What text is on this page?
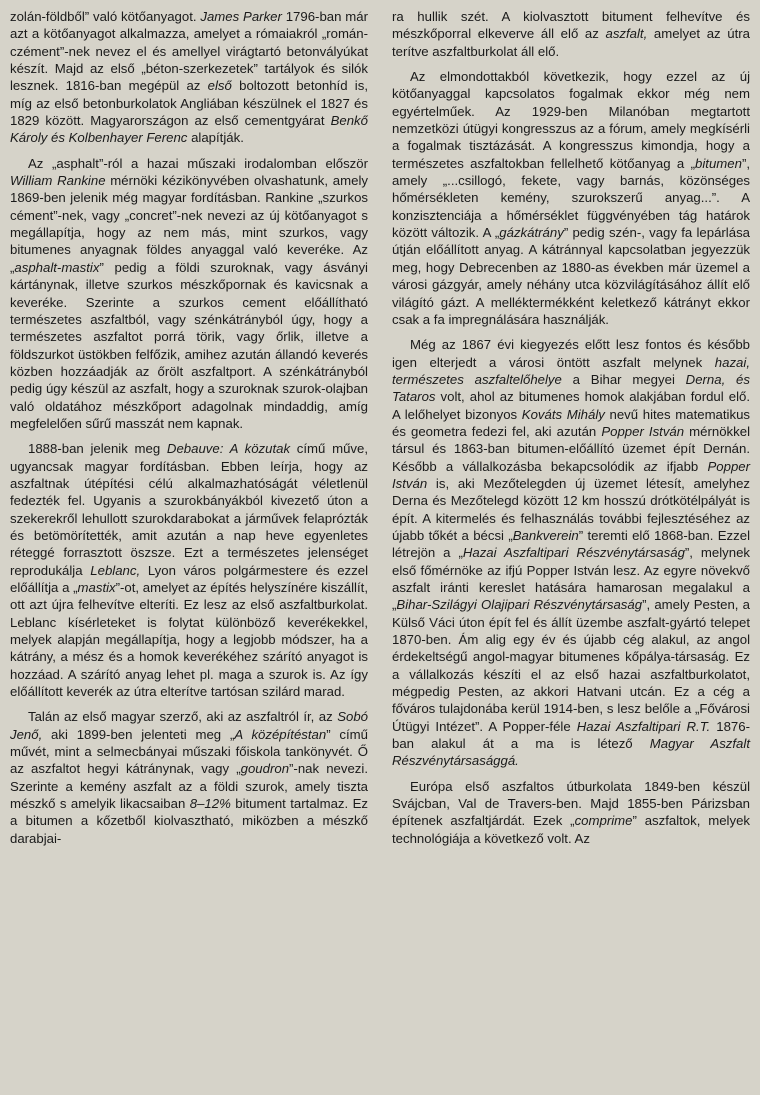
zolán-földből” való kötőanyagot. James Parker 1796-ban már azt a kötőanyagot alkalmazza, amelyet a rómaiakról „román-czément”-nek nevez el és amellyel virágtartó betonvályúkat készít. Majd az első „béton-szerkezetek” tartályok és silók lesznek. 1816-ban megépül az első boltozott betonhíd is, míg az első betonburkolatok Angliában készülnek el 1827 és 1829 között. Magyarországon az első cementgyárat Benkő Károly és Kolbenhayer Ferenc alapítják.

Az „asphalt”-ról a hazai műszaki irodalomban először William Rankine mérnöki kézikönyvében olvashatunk, amely 1869-ben jelenik még magyar fordításban. Rankine „szurkos cément”-nek, vagy „concret”-nek nevezi az új kötőanyagot s megállapítja, hogy az nem más, mint szurkos, vagy bitumenes anyagnak földes anyaggal való keveréke. Az „asphalt-mastix” pedig a földi szuroknak, vagy ásványi kártánynak, illetve szurkos mészkőpornak és kavicsnak a keveréke. Szerinte a szurkos cement előállítható természetes aszfaltból, vagy szénkátrányból úgy, hogy a természetes aszfaltot porrá törik, vagy őrlik, illetve a földszurkot üstökben felfőzik, amihez azután állandó keverés közben hozzáadják az őrölt aszfaltport. A szénkátrányból pedig úgy készül az aszfalt, hogy a szuroknak szurok-olajban való oldatához mészkőport adagolnak mindaddig, amíg megfelelően sűrű masszát nem kapnak.

1888-ban jelenik meg Debauve: A közutak című műve, ugyancsak magyar fordításban. Ebben leírja, hogy az aszfaltnak útépítési célú alkalmazhatóságát véletlenül fedezték fel. Ugyanis a szurokbányákból kivezető úton a szekerekről lehullott szurokdarabokat a járművek felaprózták és betömörítették, amit azután a nap heve egyenletes réteggé forrasztott öszsze. Ezt a természetes jelenséget reprodukálja Leblanc, Lyon város polgármestere és ezzel előállítja a „mastix”-ot, amelyet az építés helyszínére kiszállít, ott azt újra felhevítve elteríti. Ez lesz az első aszfaltburkolat. Leblanc kísérleteket is folytat különböző keverékekkel, melyek alapján megállapítja, hogy a legjobb módszer, ha a kátrány, a mész és a homok keverékéhez szárító anyagot is hozzáad. A szárító anyag lehet pl. maga a szurok is. Az így előállított keverék az útra elterítve tartósan szilárd marad.

Talán az első magyar szerző, aki az aszfaltról ír, az Sobó Jenő, aki 1899-ben jelenteti meg „A középítéstan” című művét, mint a selmecbányai műszaki főiskola tankönyvét. Ő az aszfaltot hegyi kátránynak, vagy „goudron”-nak nevezi. Szerinte a kemény aszfalt az a földi szurok, amely tiszta mészkő s amelyik likacsaiban 8–12% bitument tartalmaz. Ez a bitumen a kőzetből kiolvasztható, miközben a mészkő darabjai-

ra hullik szét. A kiolvasztott bitument felhevítve és mészkőporral elkeverve áll elő az aszfalt, amelyet az útra terítve aszfaltburkolat áll elő.

Az elmondottakból következik, hogy ezzel az új kötőanyaggal kapcsolatos fogalmak ekkor még nem egyértelműek. Az 1929-ben Milanóban megtartott nemzetközi útügyi kongresszus az a fórum, amely megkísérli a fogalmak tisztázását. A kongresszus kimondja, hogy a természetes aszfaltokban fellelhető kötőanyag a „bitumen”, amely „...csillogó, fekete, vagy barnás, közönséges hőmérsékleten kemény, szurokszerű anyag...”. A konzisztenciája a hőmérséklet függvényében tág határok között változik. A „gázkátrány” pedig szén-, vagy fa lepárlása útján előállított anyag. A kátránnyal kapcsolatban jegyezzük meg, hogy Debrecenben az 1880-as években már üzemel a városi gázgyár, amely néhány utca közvilágításához állít elő világító gázt. A melléktermékként keletkező kátrányt ekkor csak a fa impregnálására használják.

Még az 1867 évi kiegyezés előtt lesz fontos és később igen elterjedt a városi öntött aszfalt melynek hazai, természetes aszfaltelőhelye a Bihar megyei Derna, és Tataros volt, ahol az bitumenes homok alakjában fordul elő. A lelőhelyet bizonyos Kováts Mihály nevű hites matematikus és geometra fedezi fel, aki azután Popper István mérnökkel társul és 1863-ban bitumen-előállító üzemet épít Dernán. Később a vállalkozásba bekapcsolódik az ifjabb Popper István is, aki Mezőtelegden új üzemet létesít, amelyhez Derna és Mezőtelegd között 12 km hosszú drótkötélpályát is épít. A kitermelés és felhasználás további fejlesztéséhez az újabb tőkét a bécsi „Bankverein” teremti elő 1868-ban. Ezzel létrejön a „Hazai Aszfaltipari Részvénytársaság”, melynek első főmérnöke az ifjú Popper István lesz. Az egyre növekvő aszfalt iránti kereslet hatására hamarosan megalakul a „Bihar-Szilágyi Olajipari Részvénytársaság”, amely Pesten, a Külső Váci úton épít fel és állít üzembe aszfalt-gyártó telepet 1870-ben. Ám alig egy év és újabb cég alakul, az angol érdekeltségű angol-magyar bitumenes kőpálya-társaság. Ez a vállalkozás készíti el az első hazai aszfaltburkolatot, mégpedig Pesten, az akkori Hatvani utcán. Ez a cég a főváros tulajdonába kerül 1914-ben, s lesz belőle a „Fővárosi Útügyi Intézet”. A Popper-féle Hazai Aszfaltipari R.T. 1876-ban alakul át a ma is létező Magyar Aszfalt Részvénytársasággá.

Európa első aszfaltos útburkolata 1849-ben készül Svájcban, Val de Travers-ben. Majd 1855-ben Párizsban építenek aszfaltjárdát. Ezek „comprime” aszfaltok, melyek technológiája a következő volt. Az
